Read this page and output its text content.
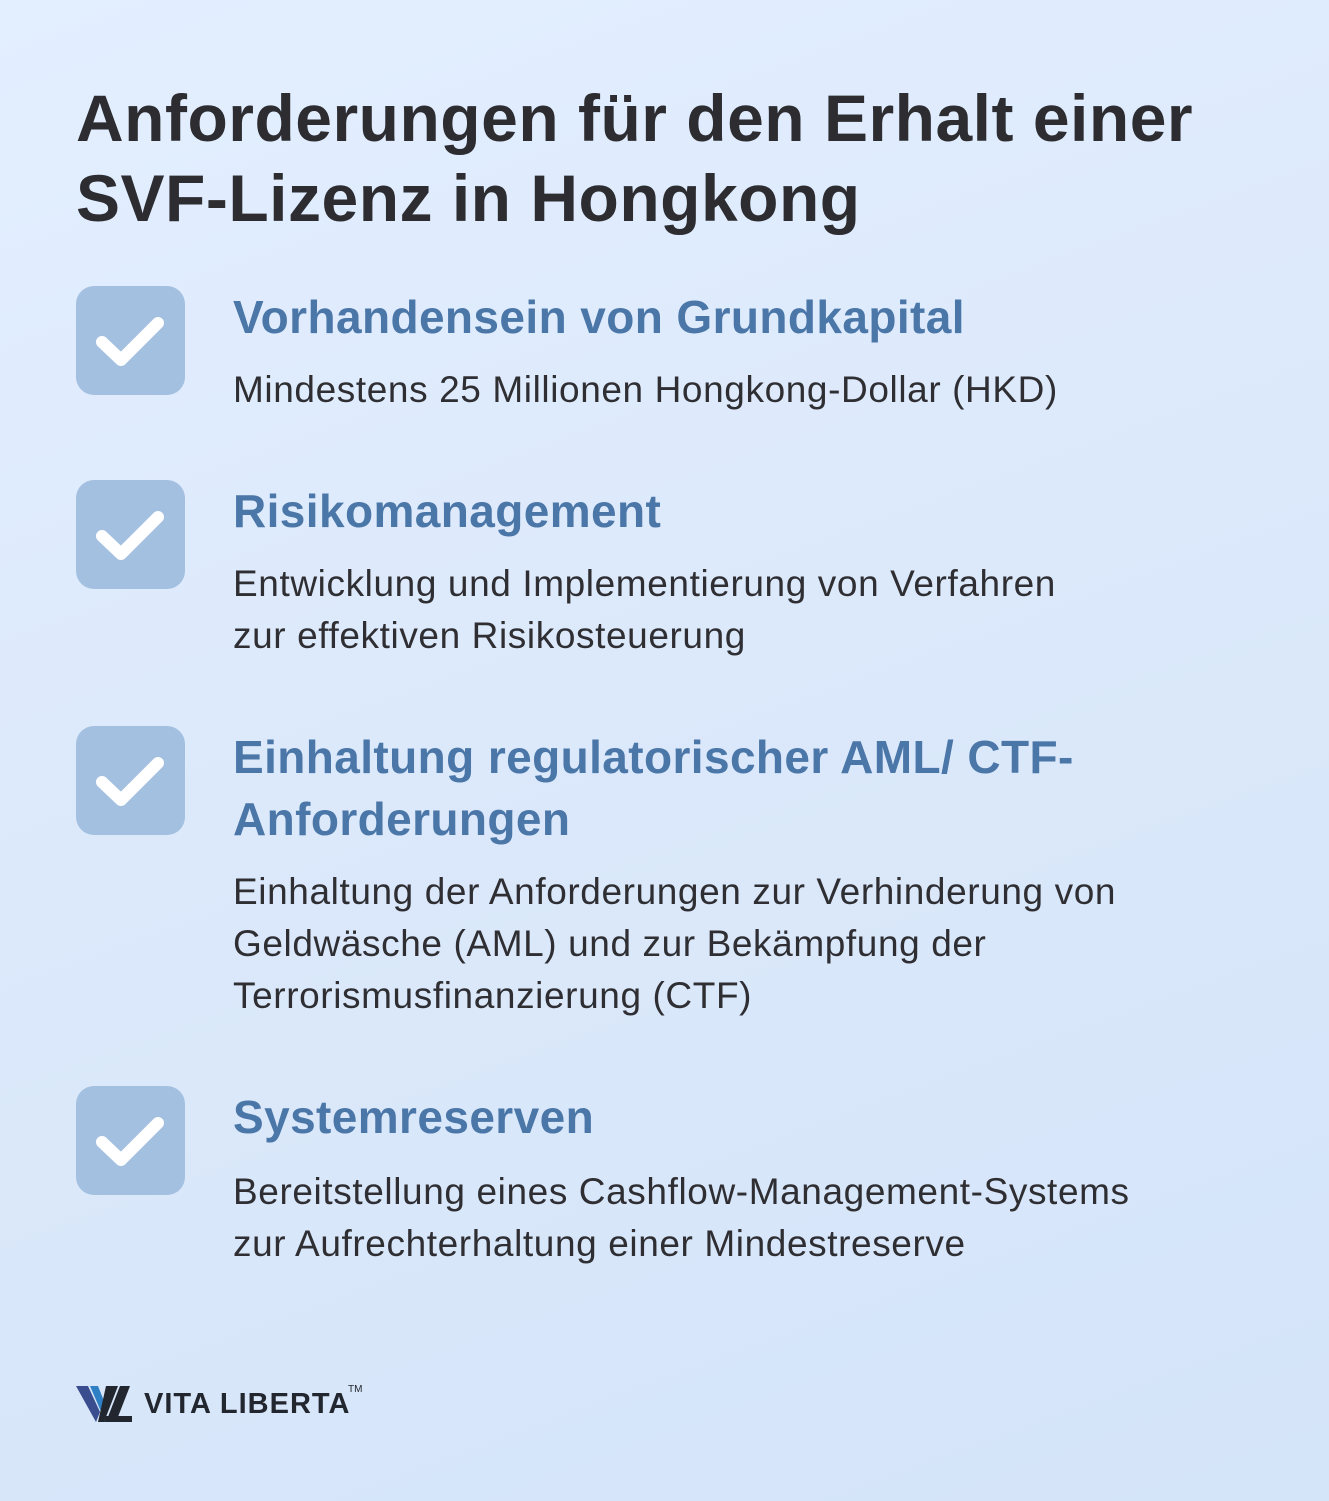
Anforderungen für den Erhalt einer SVF-Lizenz in Hongkong
Vorhandensein von Grundkapital
Mindestens 25 Millionen Hongkong-Dollar (HKD)
Risikomanagement
Entwicklung und Implementierung von Verfahren zur effektiven Risikosteuerung
Einhaltung regulatorischer AML/ CTF-Anforderungen
Einhaltung der Anforderungen zur Verhinderung von Geldwäsche (AML) und zur Bekämpfung der Terrorismusfinanzierung (CTF)
Systemreserven
Bereitstellung eines Cashflow-Management-Systems zur Aufrechterhaltung einer Mindestreserve
VITA LIBERTA
TM
